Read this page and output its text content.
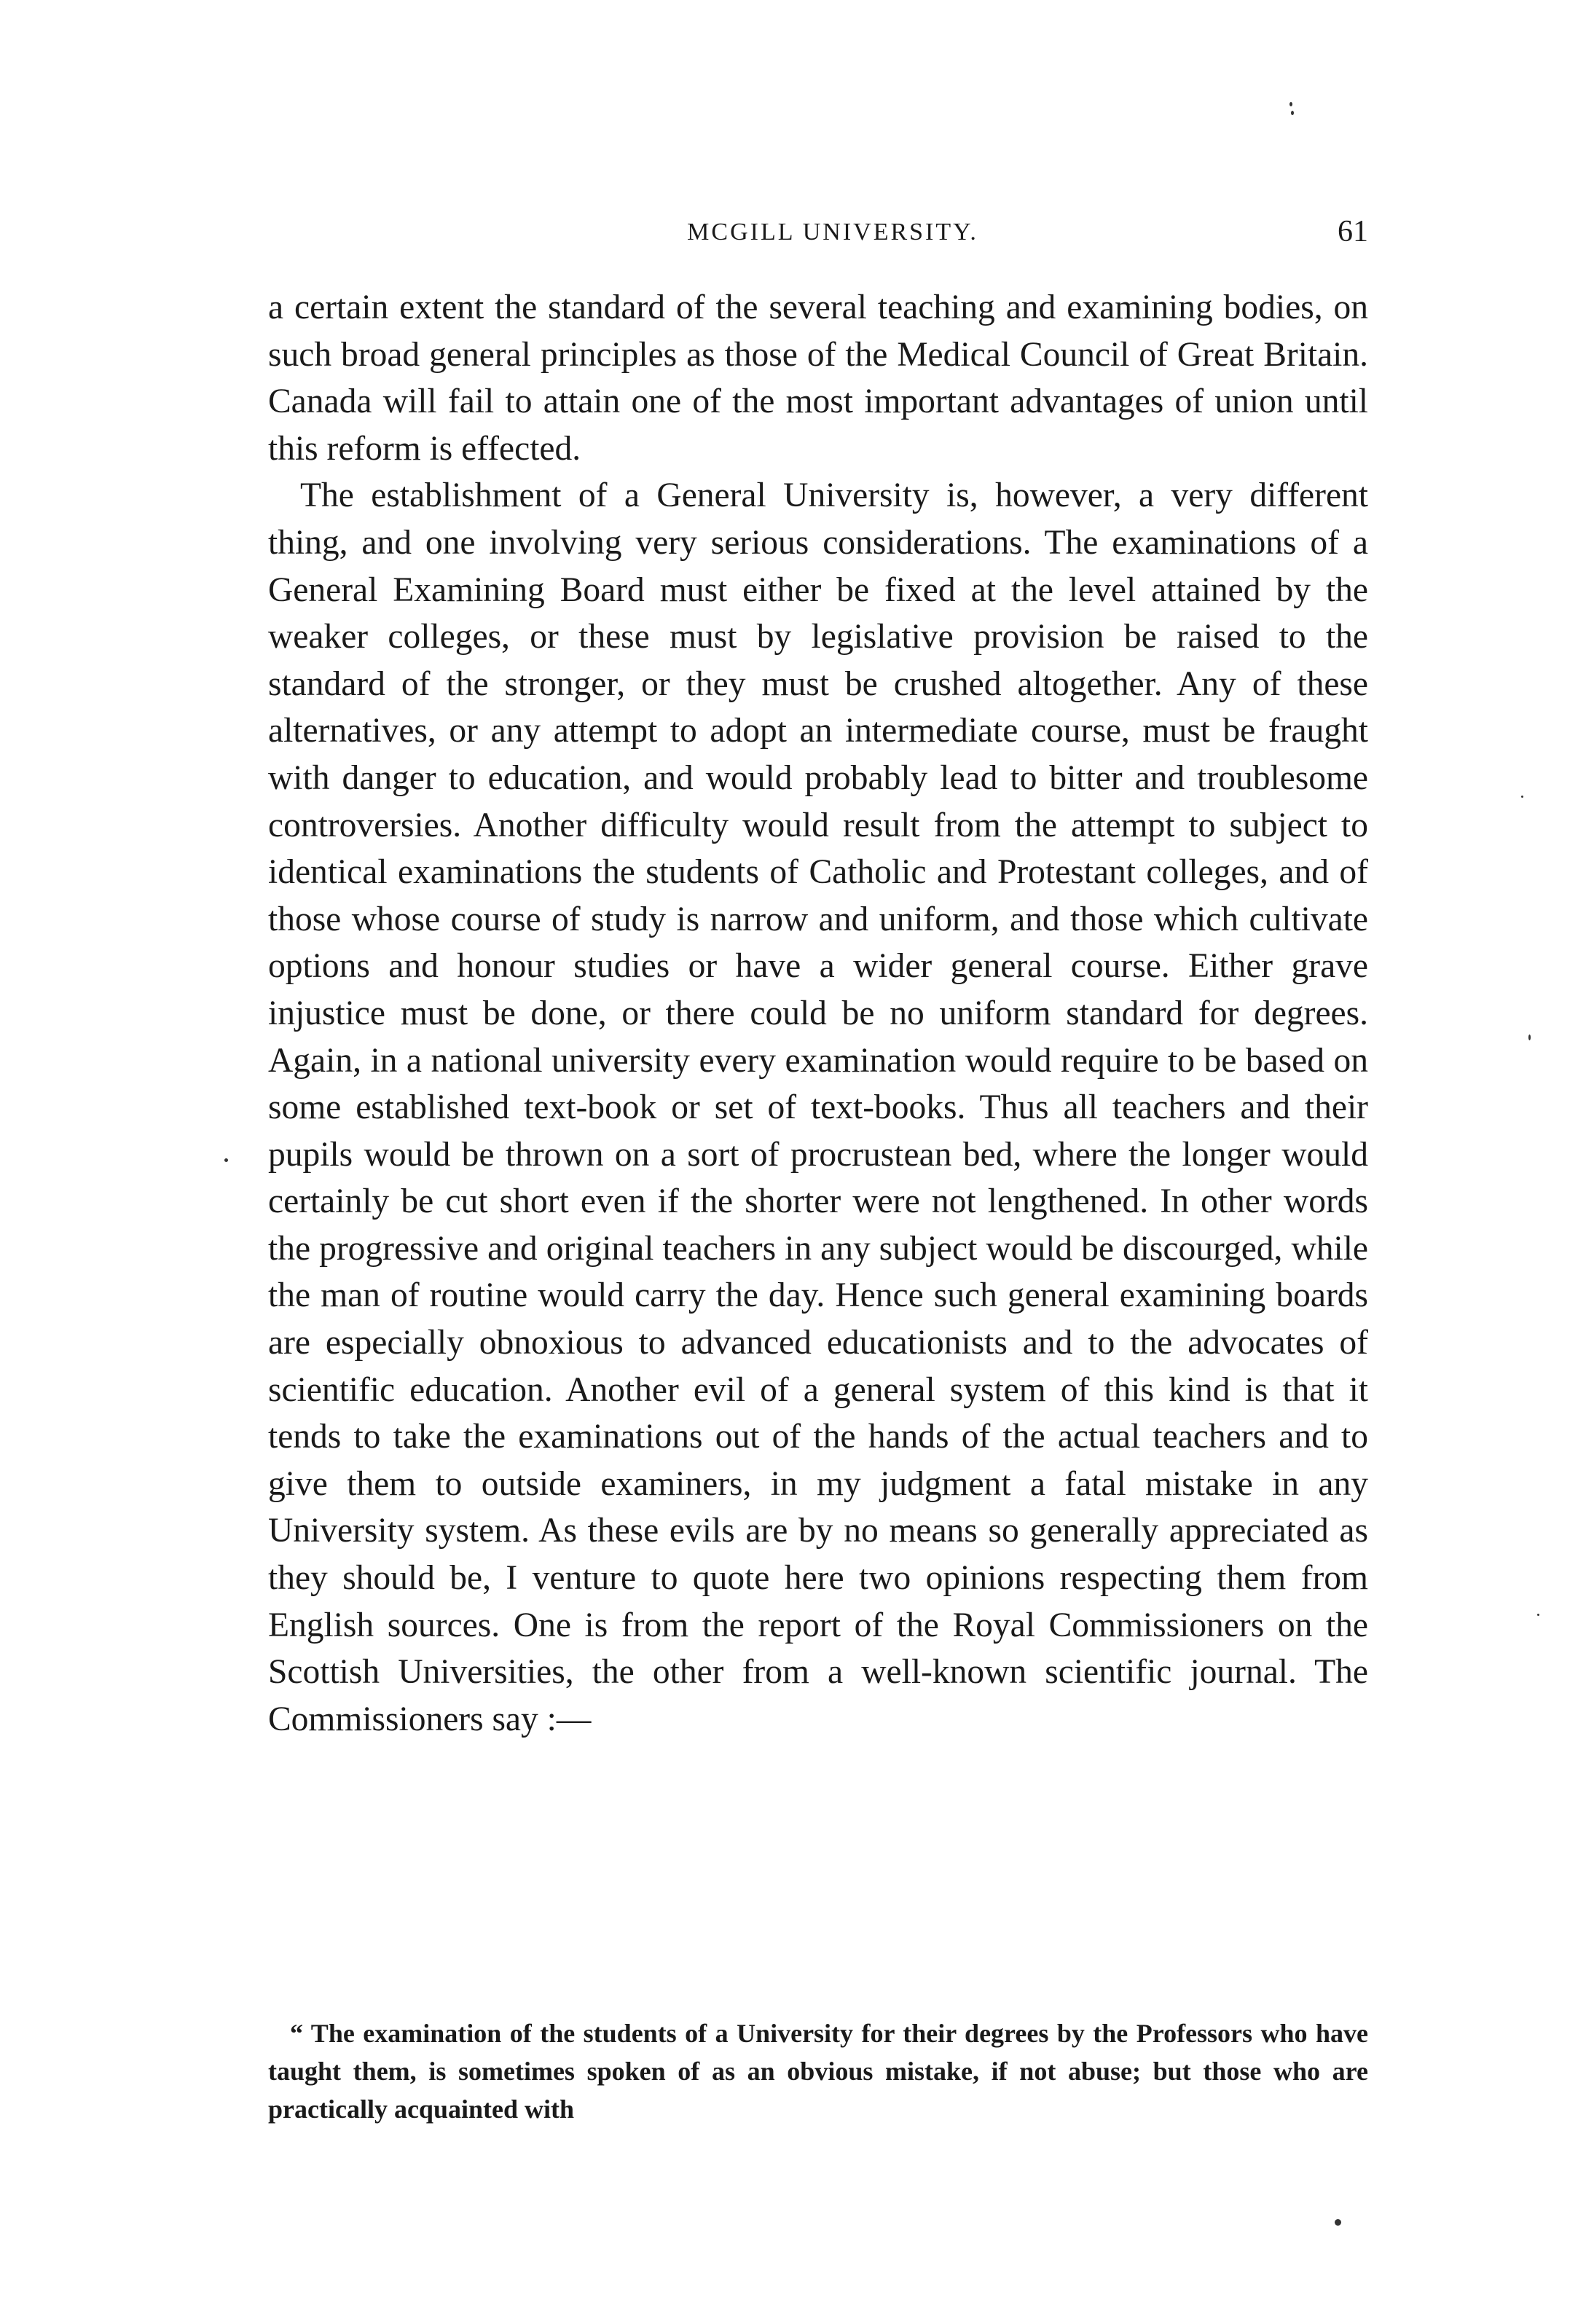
MCGILL UNIVERSITY.	61

a certain extent the standard of the several teaching and examining bodies, on such broad general principles as those of the Medical Council of Great Britain. Canada will fail to attain one of the most important advantages of union until this reform is effected.

The establishment of a General University is, however, a very different thing, and one involving very serious considerations. The examinations of a General Examining Board must either be fixed at the level attained by the weaker colleges, or these must by legislative provision be raised to the standard of the stronger, or they must be crushed altogether. Any of these alternatives, or any attempt to adopt an intermediate course, must be fraught with danger to education, and would probably lead to bitter and troublesome controversies. Another difficulty would result from the attempt to subject to identical examinations the students of Catholic and Protestant colleges, and of those whose course of study is narrow and uniform, and those which cultivate options and honour studies or have a wider general course. Either grave injustice must be done, or there could be no uniform standard for degrees. Again, in a national university every examination would require to be based on some established text-book or set of text-books. Thus all teachers and their pupils would be thrown on a sort of procrustean bed, where the longer would certainly be cut short even if the shorter were not lengthened. In other words the progressive and original teachers in any subject would be discourged, while the man of routine would carry the day. Hence such general examining boards are especially obnoxious to advanced educationists and to the advocates of scientific education. Another evil of a general system of this kind is that it tends to take the examinations out of the hands of the actual teachers and to give them to outside examiners, in my judgment a fatal mistake in any University system. As these evils are by no means so generally appreciated as they should be, I venture to quote here two opinions respecting them from English sources. One is from the report of the Royal Commissioners on the Scottish Universities, the other from a well-known scientific journal. The Commissioners say :—

“ The examination of the students of a University for their degrees by the Professors who have taught them, is sometimes spoken of as an obvious mistake, if not abuse; but those who are practically acquainted with
